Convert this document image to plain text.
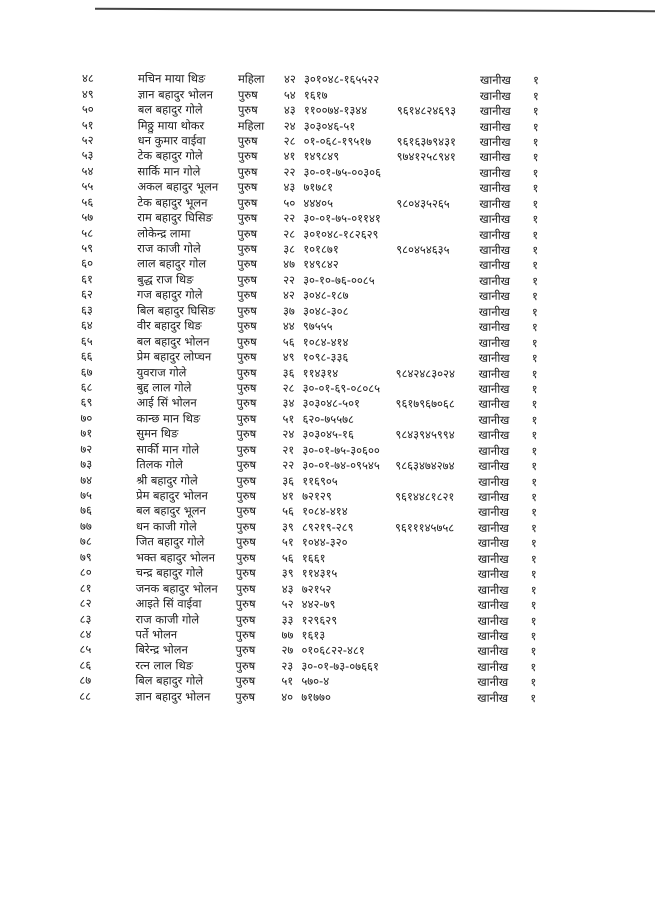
४८	मचिन माया थिङ	महिला	४२ ३०१०४८-१६५५२२	खानीख	१
४९	ज्ञान बहादुर भोलन	पुरुष	५४ १६१७	खानीख	१
५०	बल बहादुर गोले	पुरुष	४३ ११००७४-१३४४	९६१४८२४६९३	खानीख	१
५१	मिठ्ठु माया थोकर	महिला	२४ ३०३०४६-५१	खानीख	१
५२	धन कुमार वाईवा	पुरुष	२८ ०१-०६८-१९५१७	९६१६३७९४३१	खानीख	१
५३	टेक बहादुर गोले	पुरुष	४१ १४९८४९	९७४१२५८९४१	खानीख	१
५४	सार्कि मान गोले	पुरुष	२२ ३०-०१-७५-००३०६	खानीख	१
५५	अकल बहादुर भूलन	पुरुष	४३ ७१७८१	खानीख	१
५६	टेक बहादुर भूलन	पुरुष	५० ४४४०५	९८०४३५२६५	खानीख	१
५७	राम बहादुर घिसिङ	पुरुष	२२ ३०-०१-७५-०११४१	खानीख	१
५८	लोकेन्द्र लामा	पुरुष	२८ ३०१०४८-१८२६२९	खानीख	१
५९	राज काजी गोले	पुरुष	३८ १०१८७१	९८०४५४६३५	खानीख	१
६०	लाल बहादुर गोल	पुरुष	४७ १४९८४२	खानीख	१
६१	बुद्ध राज थिङ	पुरुष	२२ ३०-१०-७६-००८५	खानीख	१
६२	गज बहादुर गोले	पुरुष	४२ ३०४८-१८७	खानीख	१
६३	बिल बहादुर घिसिङ	पुरुष	३७ ३०४८-३०८	खानीख	१
६४	वीर बहादुर थिङ	पुरुष	४४ ९७५५५	खानीख	१
६५	बल बहादुर भोलन	पुरुष	५६ १०८४-४१४	खानीख	१
६६	प्रेम बहादुर लोप्चन	पुरुष	४९ १०९८-३३६	खानीख	१
६७	युवराज गोले	पुरुष	३६ ११४३१४	९८४२४८३०२४	खानीख	१
६८	बुद्द लाल गोले	पुरुष	२८ ३०-०१-६९-०८०८५	खानीख	१
६९	आई सिं भोलन	पुरुष	३४ ३०३०४८-५०१	९६१७९६७०६८	खानीख	१
७०	कान्छ मान थिङ	पुरुष	५१ ६२०-७५५७८	खानीख	१
७१	सुमन थिङ	पुरुष	२४ ३०३०४५-१६	९८४३९४५९९४	खानीख	१
७२	सार्की मान गोले	पुरुष	२१ ३०-०१-७५-३०६००	खानीख	१
७३	तिलक गोले	पुरुष	२२ ३०-०१-७४-०९५४५	९८६३४७४२७४	खानीख	१
७४	श्री बहादुर गोले	पुरुष	३६ ११६९०५	खानीख	१
७५	प्रेम बहादुर भोलन	पुरुष	४१ ७२१२९	९६१४४८१८२१	खानीख	१
७६	बल बहादुर भूलन	पुरुष	५६ १०८४-४१४	खानीख	१
७७	धन काजी गोले	पुरुष	३९ ८९२१९-२८९	९६१११४५७५८	खानीख	१
७८	जित बहादुर गोले	पुरुष	५१ १०४४-३२०	खानीख	१
७९	भक्त बहादुर भोलन	पुरुष	५६ १६६१	खानीख	१
८०	चन्द्र बहादुर गोले	पुरुष	३९ ११४३१५	खानीख	१
८१	जनक बहादुर भोलन	पुरुष	४३ ७२१५२	खानीख	१
८२	आइते सिं वाईवा	पुरुष	५२ ४४२-७९	खानीख	१
८३	राज काजी गोले	पुरुष	३३ १२९६२९	खानीख	१
८४	पर्ते भोलन	पुरुष	७७ १६१३	खानीख	१
८५	बिरेन्द्र भोलन	पुरुष	२७ ०१०६८२२-४८१	खानीख	१
८६	रत्न लाल थिङ	पुरुष	२३ ३०-०१-७३-०७६६१	खानीख	१
८७	बिल बहादुर गोले	पुरुष	५१ ५७०-४	खानीख	१
८८	ज्ञान बहादुर भोलन	पुरुष	४० ७१७७०	खानीख	१
